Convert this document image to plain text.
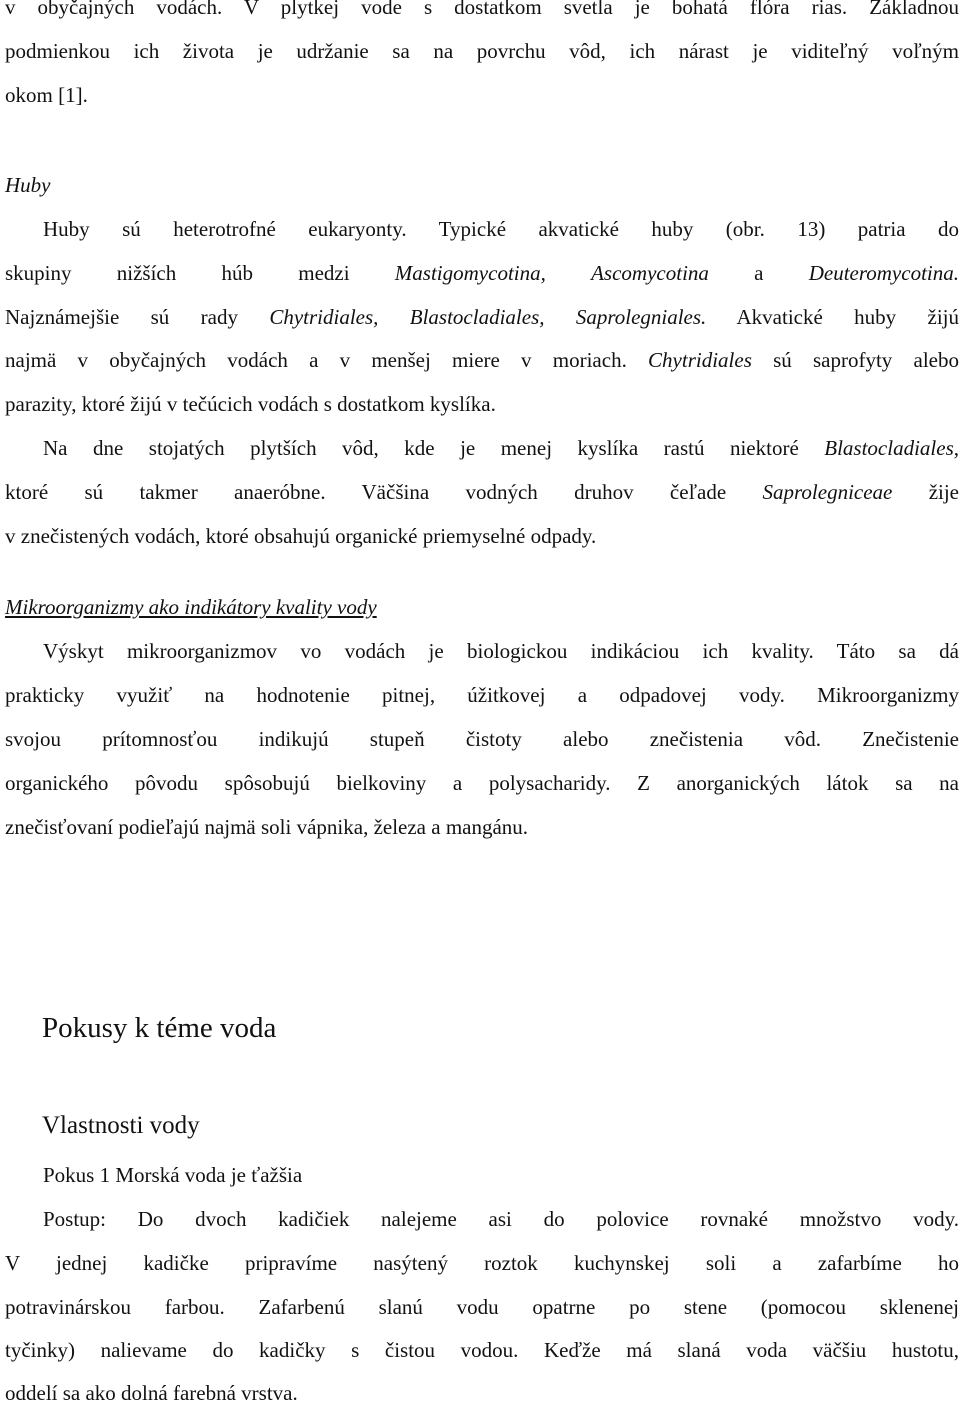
v obyčajných vodách. V plytkej vode s dostatkom svetla je bohatá flóra rias. Základnou
podmienkou ich života je udržanie sa na povrchu vôd, ich nárast je viditeľný voľným
okom [1].
Huby
Huby sú heterotrofné eukaryonty. Typické akvatické huby (obr. 13) patria do
skupiny nižších húb medzi Mastigomycotina, Ascomycotina a Deuteromycotina.
Najznámejšie sú rady Chytridiales, Blastocladiales, Saprolegniales. Akvatické huby žijú
najmä v obyčajných vodách a v menšej miere v moriach. Chytridiales sú saprofyty alebo
parazity, ktoré žijú v tečúcich vodách s dostatkom kyslíka.
Na dne stojatých plytších vôd, kde je menej kyslíka rastú niektoré Blastocladiales,
ktoré sú takmer anaeróbne. Väčšina vodných druhov čeľade Saprolegniceae žije
v znečistených vodách, ktoré obsahujú organické priemyselné odpady.
Mikroorganizmy ako indikátory kvality vody
Výskyt mikroorganizmov vo vodách je biologickou indikáciou ich kvality. Táto sa dá
prakticky využiť na hodnotenie pitnej, úžitkovej a odpadovej vody. Mikroorganizmy
svojou prítomnosťou indikujú stupeň čistoty alebo znečistenia vôd. Znečistenie
organického pôvodu spôsobujú bielkoviny a polysacharidy. Z anorganických látok sa na
znečisťovaní podieľajú najmä soli vápnika, železa a mangánu.
Pokusy k téme voda
Vlastnosti vody
Pokus 1 Morská voda je ťažšia
Postup: Do dvoch kadičiek nalejeme asi do polovice rovnaké množstvo vody.
V jednej kadičke pripravíme nasýtený roztok kuchynskej soli a zafarbíme ho
potravinárskou farbou. Zafarbenú slanú vodu opatrne po stene (pomocou sklenenej
tyčinky) nalievame do kadičky s čistou vodou. Keďže má slaná voda väčšiu hustotu,
oddelí sa ako dolná farebná vrstva.
